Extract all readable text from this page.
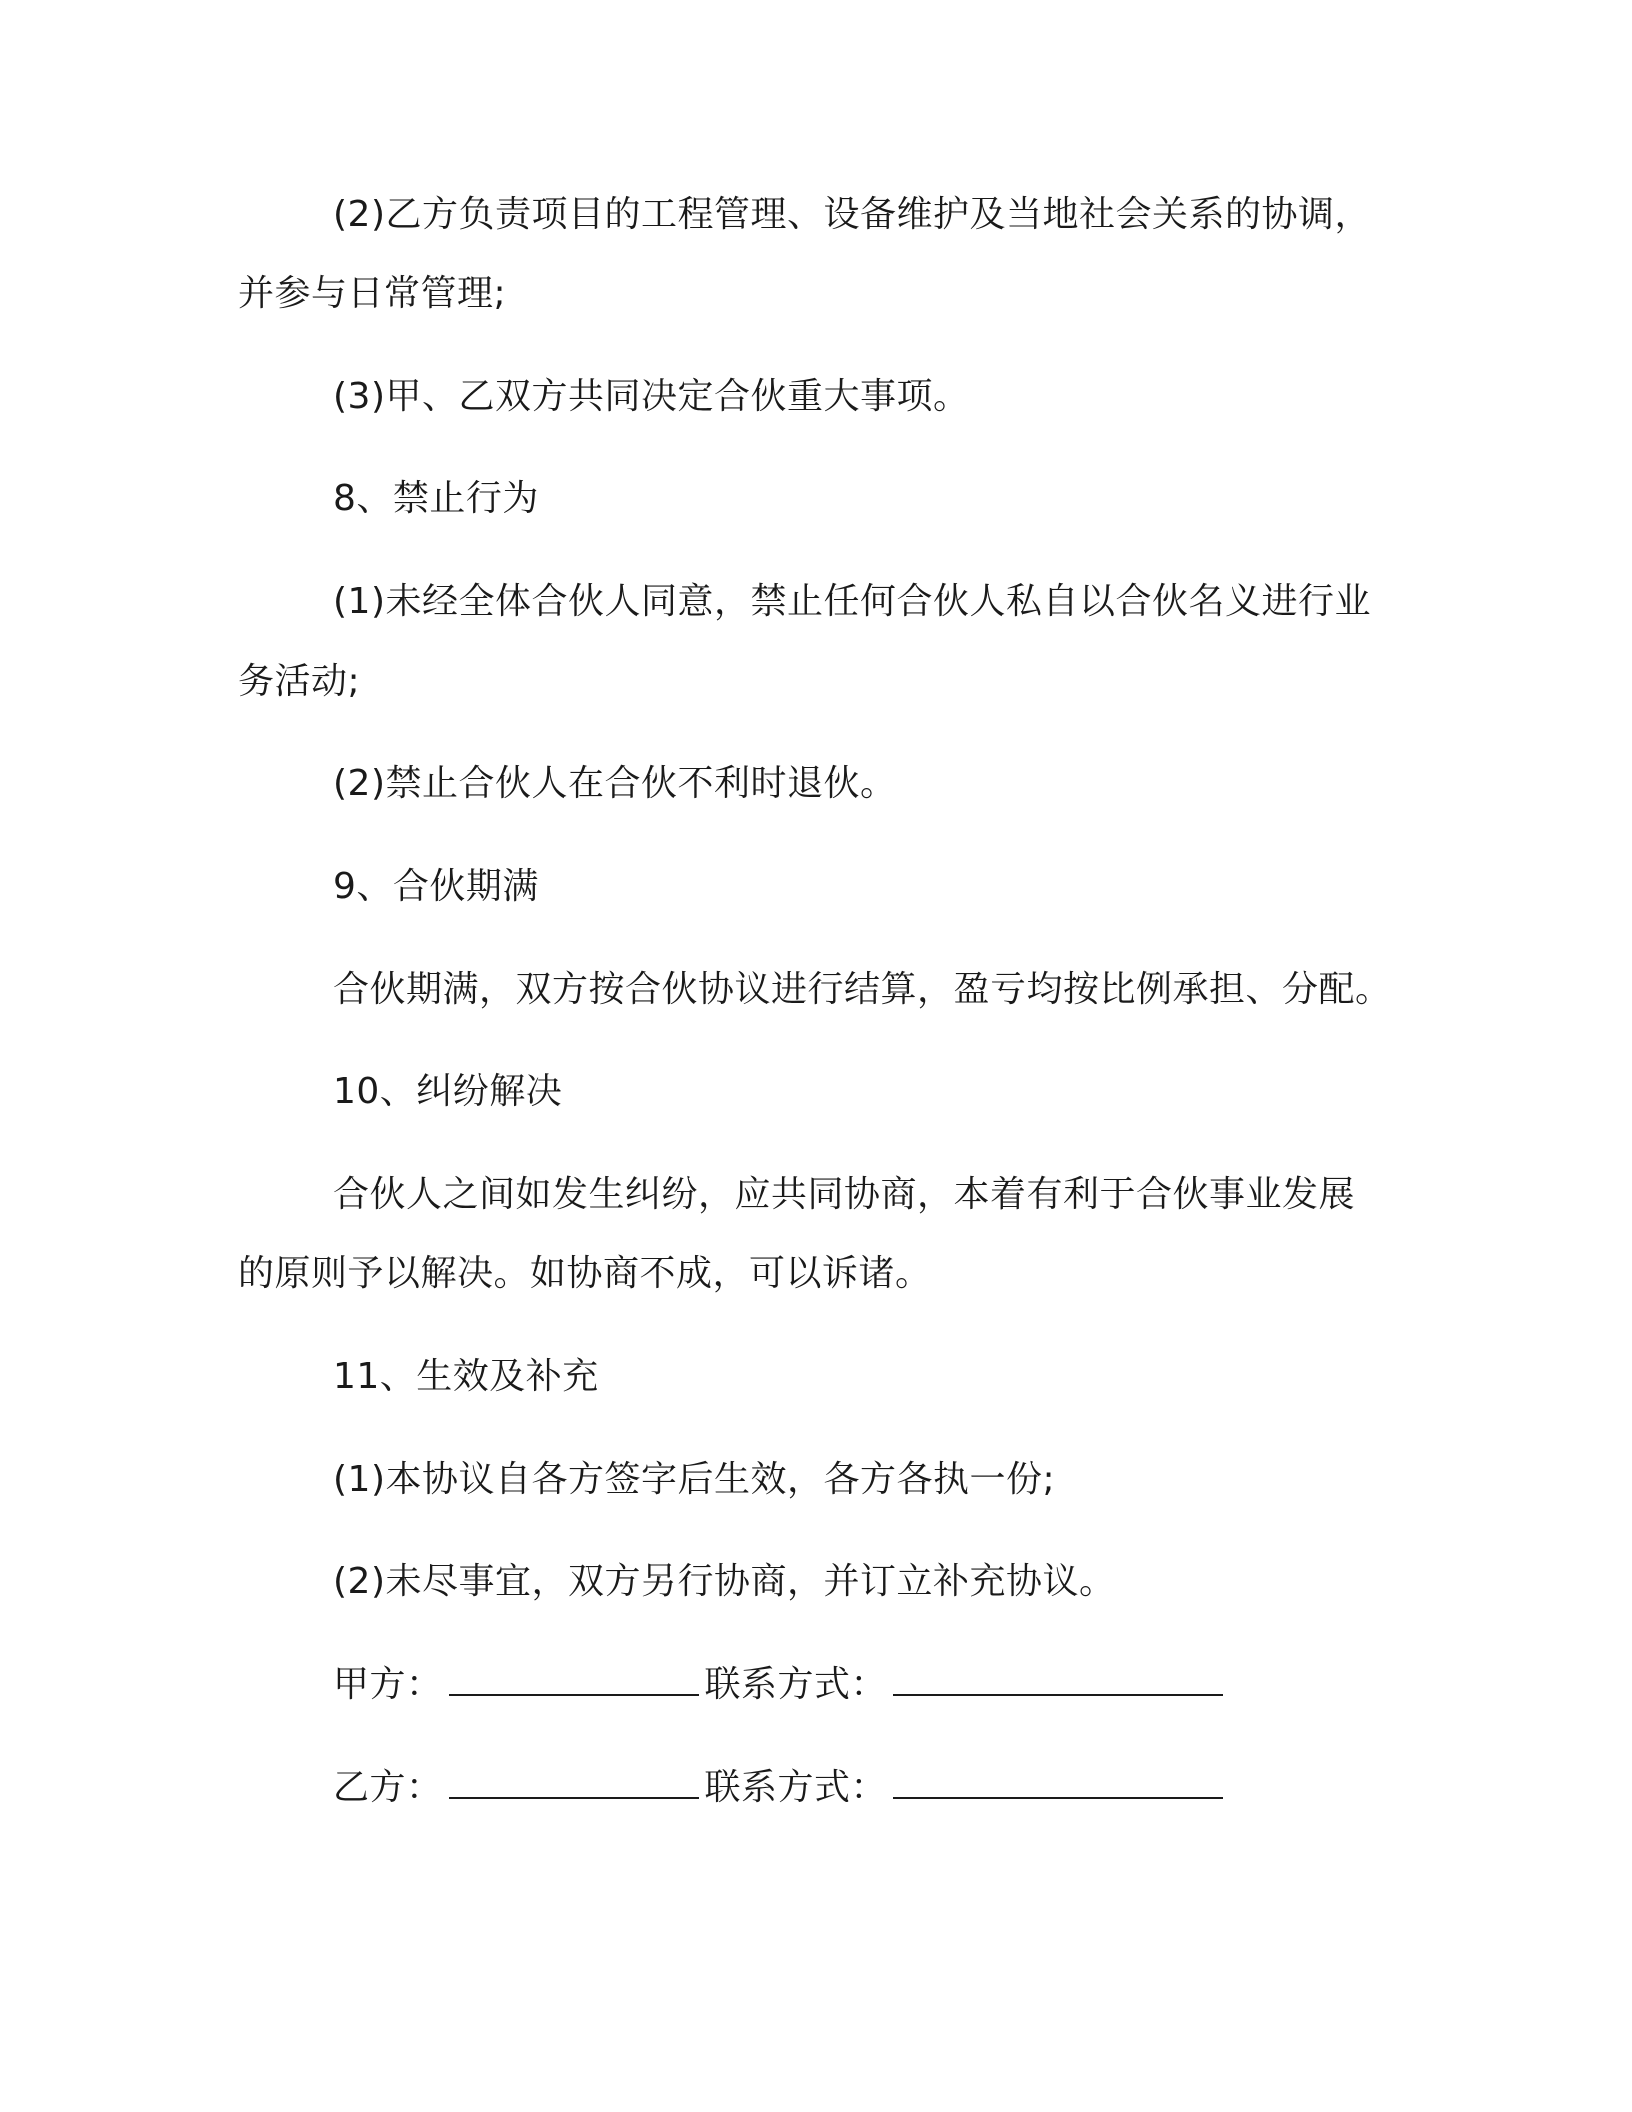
(2)乙方负责项目的工程管理、设备维护及当地社会关系的协调，
并参与日常管理;
(3)甲、乙双方共同决定合伙重大事项。
8、禁止行为
(1)未经全体合伙人同意，禁止任何合伙人私自以合伙名义进行业
务活动;
(2)禁止合伙人在合伙不利时退伙。
9、合伙期满
合伙期满，双方按合伙协议进行结算，盈亏均按比例承担、分配。
10、纠纷解决
合伙人之间如发生纠纷，应共同协商，本着有利于合伙事业发展
的原则予以解决。如协商不成，可以诉诸。
11、生效及补充
(1)本协议自各方签字后生效，各方各执一份;
(2)未尽事宜，双方另行协商，并订立补充协议。
甲方：	联系方式：
乙方：	联系方式：
